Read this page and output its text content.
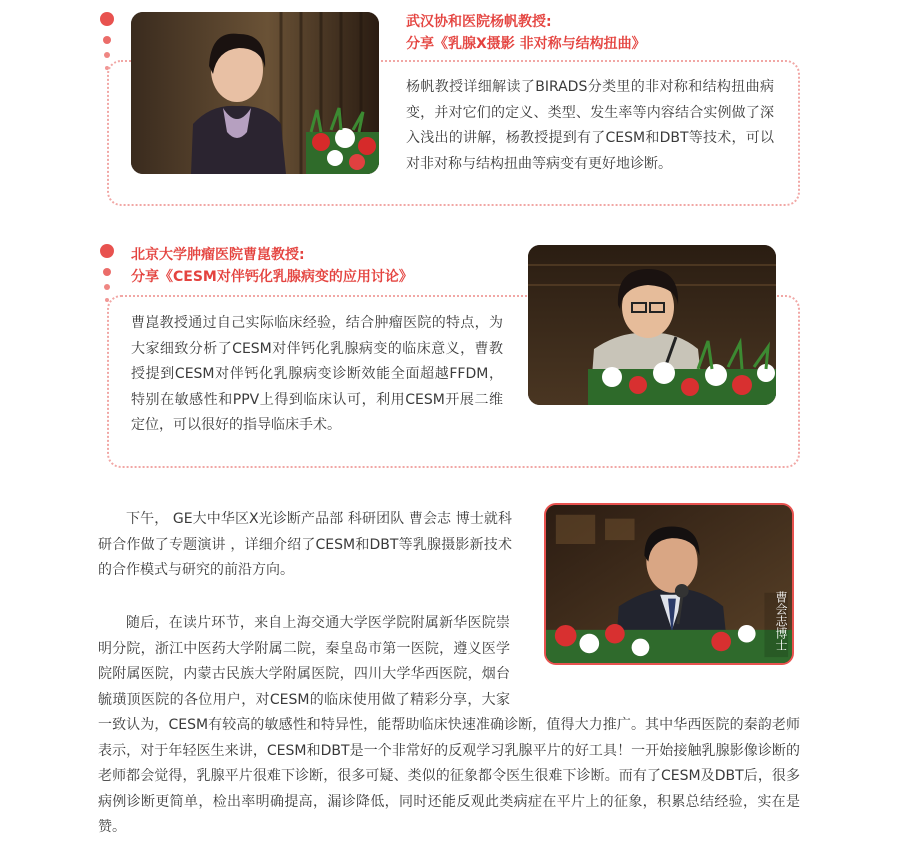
武汉协和医院杨帆教授:
分享《乳腺X摄影 非对称与结构扭曲》
杨帆教授详细解读了BIRADS分类里的非对称和结构扭曲病变，并对它们的定义、类型、发生率等内容结合实例做了深入浅出的讲解，杨教授提到有了CESM和DBT等技术，可以对非对称与结构扭曲等病变有更好地诊断。
北京大学肿瘤医院曹崑教授:
分享《CESM对伴钙化乳腺病变的应用讨论》
曹崑教授通过自己实际临床经验，结合肿瘤医院的特点，为大家细致分析了CESM对伴钙化乳腺病变的临床意义，曹教授提到CESM对伴钙化乳腺病变诊断效能全面超越FFDM，特别在敏感性和PPV上得到临床认可，利用CESM开展二维定位，可以很好的指导临床手术。
曹会志博士
下午， GE大中华区X光诊断产品部 科研团队 曹会志 博士就科研合作做了专题演讲 ，详细介绍了CESM和DBT等乳腺摄影新技术的合作模式与研究的前沿方向。
随后，在读片环节，来自上海交通大学医学院附属新华医院崇明分院，浙江中医药大学附属二院，秦皇岛市第一医院，遵义医学院附属医院，内蒙古民族大学附属医院，四川大学华西医院，烟台毓璜顶医院的各位用户，对CESM的临床使用做了精彩分享，大家一致认为，CESM有较高的敏感性和特异性，能帮助临床快速准确诊断，值得大力推广。其中华西医院的秦韵老师表示，对于年轻医生来讲，CESM和DBT是一个非常好的反观学习乳腺平片的好工具！一开始接触乳腺影像诊断的老师都会觉得，乳腺平片很难下诊断，很多可疑、类似的征象都令医生很难下诊断。而有了CESM及DBT后，很多病例诊断更简单，检出率明确提高，漏诊降低，同时还能反观此类病症在平片上的征象，积累总结经验，实在是赞。
